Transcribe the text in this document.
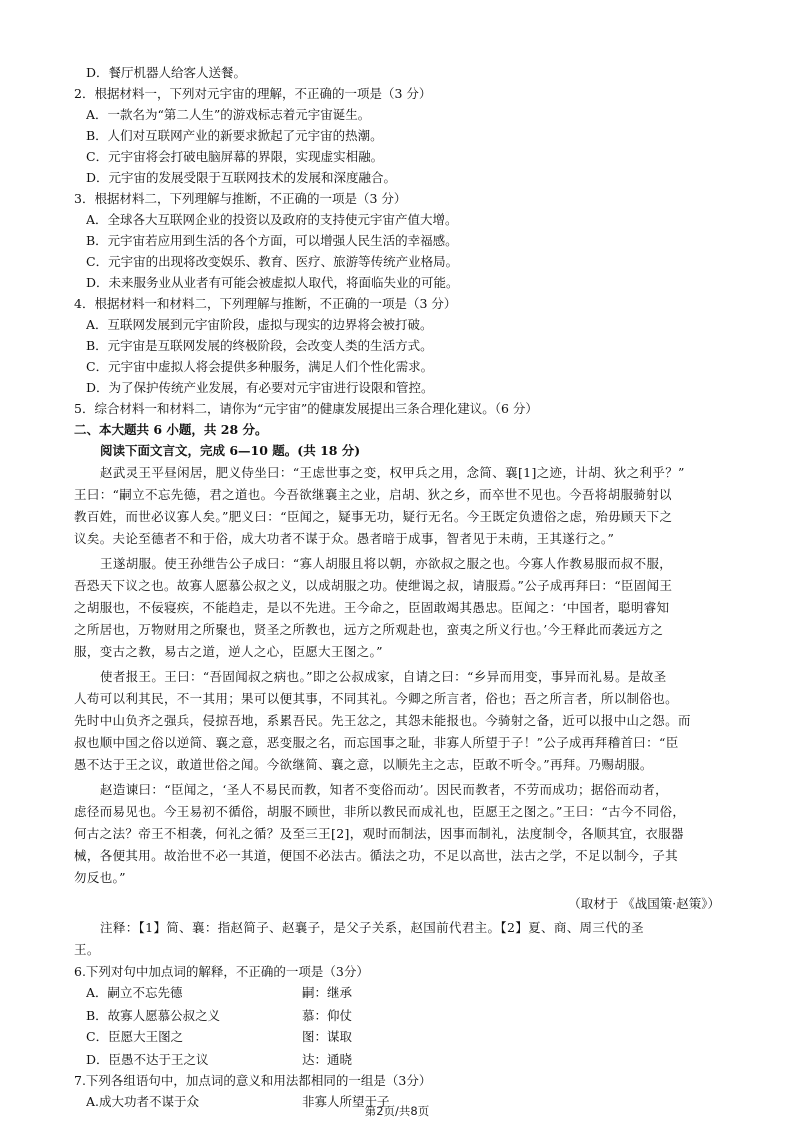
D．餐厅机器人给客人送餐。
2．根据材料一，下列对元宇宙的理解，不正确的一项是（3 分）
A．一款名为“第二人生”的游戏标志着元宇宙诞生。
B．人们对互联网产业的新要求掀起了元宇宙的热潮。
C．元宇宙将会打破电脑屏幕的界限，实现虚实相融。
D．元宇宙的发展受限于互联网技术的发展和深度融合。
3．根据材料二，下列理解与推断，不正确的一项是（3 分）
A．全球各大互联网企业的投资以及政府的支持使元宇宙产值大增。
B．元宇宙若应用到生活的各个方面，可以增强人民生活的幸福感。
C．元宇宙的出现将改变娱乐、教育、医疗、旅游等传统产业格局。
D．未来服务业从业者有可能会被虚拟人取代，将面临失业的可能。
4．根据材料一和材料二，下列理解与推断，不正确的一项是（3 分）
A．互联网发展到元宇宙阶段，虚拟与现实的边界将会被打破。
B．元宇宙是互联网发展的终极阶段，会改变人类的生活方式。
C．元宇宙中虚拟人将会提供多种服务，满足人们个性化需求。
D．为了保护传统产业发展，有必要对元宇宙进行设限和管控。
5．综合材料一和材料二，请你为“元宇宙”的健康发展提出三条合理化建议。（6 分）
二、本大题共 6 小题，共 28 分。
阅读下面文言文，完成 6—10 题。(共 18 分)
赵武灵王平昼闲居，肥义侍坐曰：“王虑世事之变，权甲兵之用，念简、襄[1]之迹，计胡、狄之利乎？”
王曰：“嗣立不忘先德，君之道也。今吾欲继襄主之业，启胡、狄之乡，而卒世不见也。今吾将胡服骑射以
教百姓，而世必议寡人矣。”肥义曰：“臣闻之，疑事无功，疑行无名。今王既定负遗俗之虑，殆毋顾天下之
议矣。夫论至德者不和于俗，成大功者不谋于众。愚者暗于成事，智者见于未萌，王其遂行之。”
王遂胡服。使王孙绁告公子成曰：“寡人胡服且将以朝，亦欲叔之服之也。今寡人作教易服而叔不服，
吾恐天下议之也。故寡人愿慕公叔之义，以成胡服之功。使绁谒之叔，请服焉。”公子成再拜曰：“臣固闻王
之胡服也，不佞寝疾，不能趋走，是以不先进。王今命之，臣固敢竭其愚忠。臣闻之：‘中国者，聪明睿知
之所居也，万物财用之所聚也，贤圣之所教也，远方之所观赴也，蛮夷之所义行也。’今王释此而袭远方之
服，变古之教，易古之道，逆人之心，臣愿大王图之。”
使者报王。王曰：“吾固闻叔之病也。”即之公叔成家，自请之曰：“乡异而用变，事异而礼易。是故圣
人苟可以利其民，不一其用；果可以便其事，不同其礼。今卿之所言者，俗也；吾之所言者，所以制俗也。
先时中山负齐之强兵，侵掠吾地，系累吾民。先王忿之，其怨未能报也。今骑射之备，近可以报中山之怨。而
叔也顺中国之俗以逆简、襄之意，恶变服之名，而忘国事之耻，非寡人所望于子！”公子成再拜稽首曰：“臣
愚不达于王之议，敢道世俗之闻。今欲继简、襄之意，以顺先主之志，臣敢不听令。”再拜。乃赐胡服。
赵造谏曰：“臣闻之，‘圣人不易民而教，知者不变俗而动’。因民而教者，不劳而成功；据俗而动者，
虑径而易见也。今王易初不循俗，胡服不顾世，非所以教民而成礼也，臣愿王之图之。”王曰：“古今不同俗，
何古之法？帝王不相袭，何礼之循？及至三王[2]，观时而制法，因事而制礼，法度制令，各顺其宜，衣服器
械，各便其用。故治世不必一其道，便国不必法古。循法之功，不足以高世，法古之学，不足以制今，子其
勿反也。”
（取材于 《战国策·赵策》）
注释：【1】简、襄：指赵简子、赵襄子，是父子关系，赵国前代君主。【2】夏、商、周三代的圣
王。
6.下列对句中加点词的解释，不正确的一项是（3分）
A．嗣立不忘先德	嗣：继承
B．故寡人愿慕公叔之义	慕：仰仗
C．臣愿大王图之	图：谋取
D．臣愚不达于王之议	达：通晓
7.下列各组语句中，加点词的意义和用法都相同的一组是（3分）
A.成大功者不谋于众	非寡人所望于子
第2页/共8页
